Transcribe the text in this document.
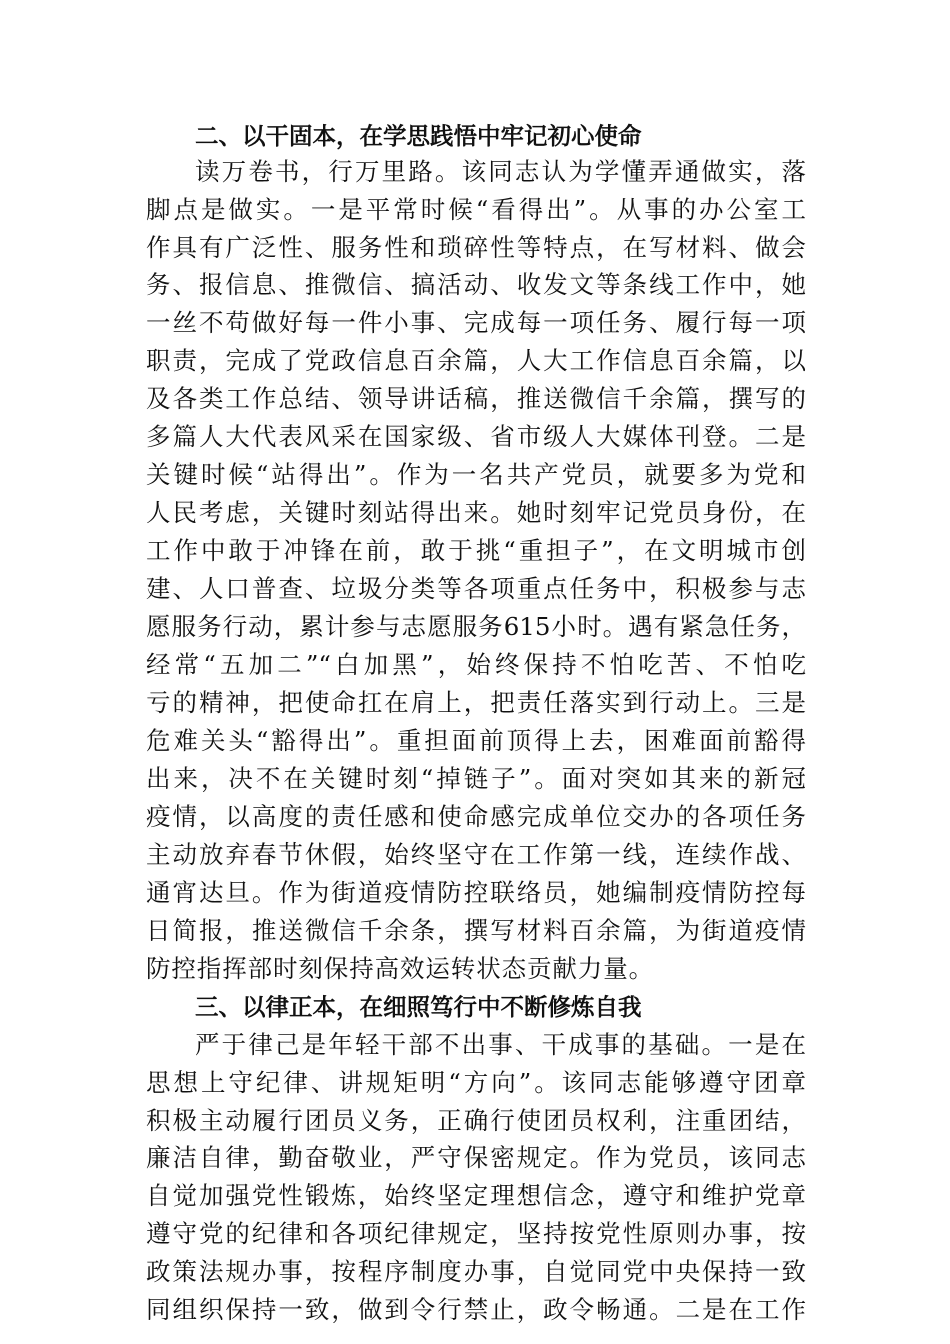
二、以干固本，在学思践悟中牢记初心使命
读万卷书，行万里路。该同志认为学懂弄通做实，落
脚点是做实。一是平常时候“看得出”。从事的办公室工
作具有广泛性、服务性和琐碎性等特点，在写材料、做会
务、报信息、推微信、搞活动、收发文等条线工作中，她
一丝不苟做好每一件小事、完成每一项任务、履行每一项
职责，完成了党政信息百余篇，人大工作信息百余篇，以
及各类工作总结、领导讲话稿，推送微信千余篇，撰写的
多篇人大代表风采在国家级、省市级人大媒体刊登。二是
关键时候“站得出”。作为一名共产党员，就要多为党和
人民考虑，关键时刻站得出来。她时刻牢记党员身份，在
工作中敢于冲锋在前，敢于挑“重担子”，在文明城市创
建、人口普查、垃圾分类等各项重点任务中，积极参与志
愿服务行动，累计参与志愿服务615小时。遇有紧急任务，
经常“五加二”“白加黑”，始终保持不怕吃苦、不怕吃
亏的精神，把使命扛在肩上，把责任落实到行动上。三是
危难关头“豁得出”。重担面前顶得上去，困难面前豁得
出来，决不在关键时刻“掉链子”。面对突如其来的新冠
疫情，以高度的责任感和使命感完成单位交办的各项任务
主动放弃春节休假，始终坚守在工作第一线，连续作战、
通宵达旦。作为街道疫情防控联络员，她编制疫情防控每
日简报，推送微信千余条，撰写材料百余篇，为街道疫情
防控指挥部时刻保持高效运转状态贡献力量。
三、以律正本，在细照笃行中不断修炼自我
严于律己是年轻干部不出事、干成事的基础。一是在
思想上守纪律、讲规矩明“方向”。该同志能够遵守团章
积极主动履行团员义务，正确行使团员权利，注重团结，
廉洁自律，勤奋敬业，严守保密规定。作为党员，该同志
自觉加强党性锻炼，始终坚定理想信念，遵守和维护党章
遵守党的纪律和各项纪律规定，坚持按党性原则办事，按
政策法规办事，按程序制度办事，自觉同党中央保持一致
同组织保持一致，做到令行禁止，政令畅通。二是在工作
